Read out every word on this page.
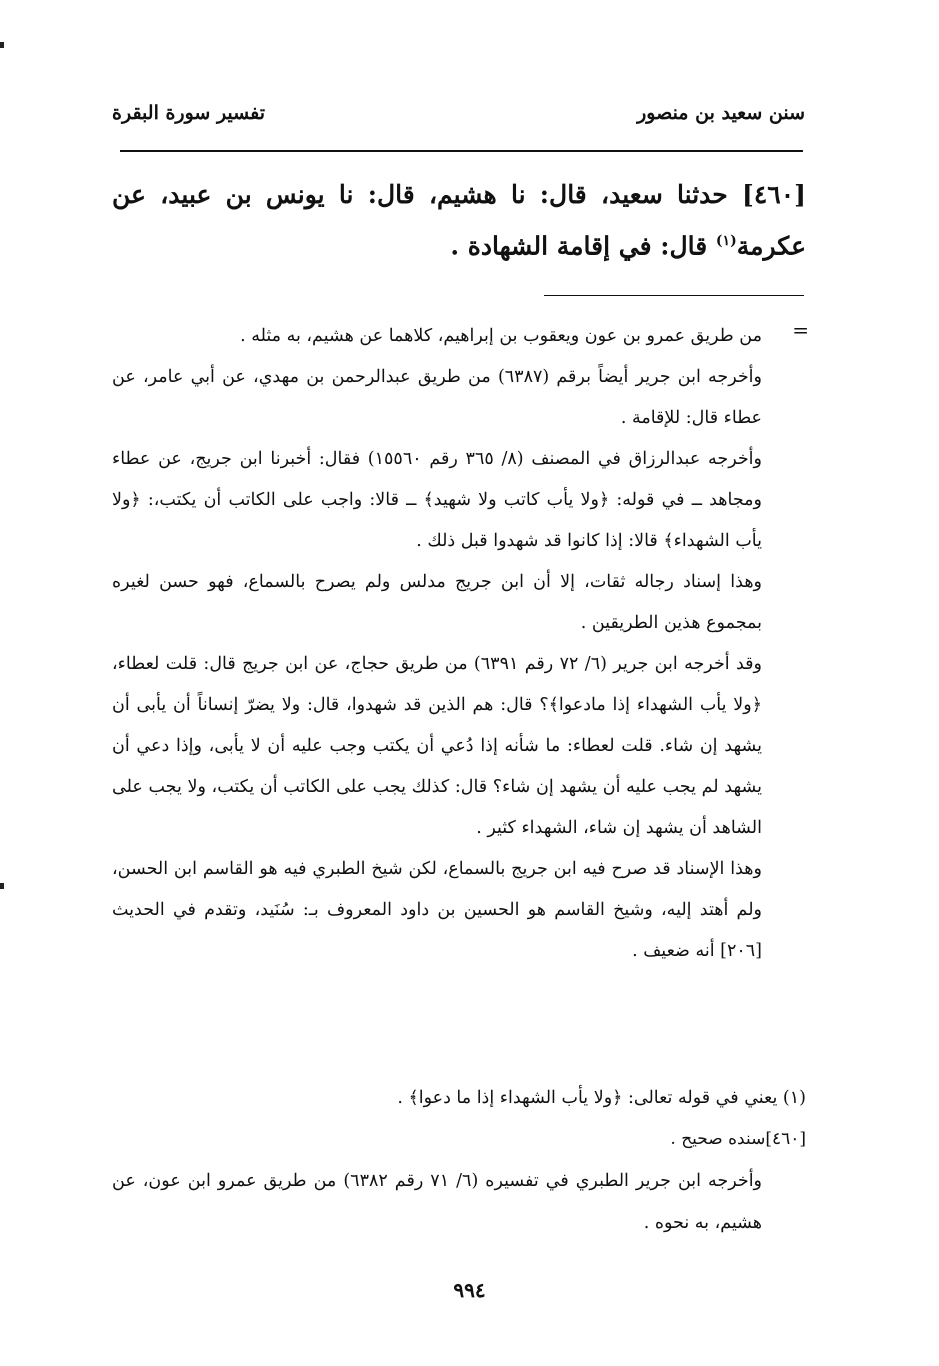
سنن سعيد بن منصور
تفسير سورة البقرة
[٤٦٠] حدثنا سعيد، قال: نا هشيم، قال: نا يونس بن عبيد، عن عكرمة$^{(١)}$ قال: في إقامة الشهادة .
=

من طريق عمرو بن عون ويعقوب بن إبراهيم، كلاهما عن هشيم، به مثله .

وأخرجه ابن جرير أيضاً برقم (٦٣٨٧) من طريق عبدالرحمن بن مهدي، عن أبي عامر، عن عطاء قال: للإقامة .

وأخرجه عبدالرزاق في المصنف (٨/ ٣٦٥ رقم ١٥٥٦٠) فقال: أخبرنا ابن جريج، عن عطاء ومجاهد ــ في قوله: ﴿ولا يأب كاتب ولا شهيد﴾ ــ قالا: واجب على الكاتب أن يكتب،: ﴿ولا يأب الشهداء﴾ قالا: إذا كانوا قد شهدوا قبل ذلك .

وهذا إسناد رجاله ثقات، إلا أن ابن جريج مدلس ولم يصرح بالسماع، فهو حسن لغيره بمجموع هذين الطريقين .

وقد أخرجه ابن جرير (٦/ ٧٢ رقم ٦٣٩١) من طريق حجاج، عن ابن جريج قال: قلت لعطاء، ﴿ولا يأب الشهداء إذا مادعوا﴾؟ قال: هم الذين قد شهدوا، قال: ولا يضرّ إنساناً أن يأبى أن يشهد إن شاء. قلت لعطاء: ما شأنه إذا دُعي أن يكتب وجب عليه أن لا يأبى، وإذا دعي أن يشهد لم يجب عليه أن يشهد إن شاء؟ قال: كذلك يجب على الكاتب أن يكتب، ولا يجب على الشاهد أن يشهد إن شاء، الشهداء كثير .

وهذا الإسناد قد صرح فيه ابن جريج بالسماع، لكن شيخ الطبري فيه هو القاسم ابن الحسن، ولم أهتد إليه، وشيخ القاسم هو الحسين بن داود المعروف بـ: سُنَيد، وتقدم في الحديث [٢٠٦] أنه ضعيف .

(١) يعني في قوله تعالى: ﴿ولا يأب الشهداء إذا ما دعوا﴾ .
[٤٦٠]سنده صحيح .

وأخرجه ابن جرير الطبري في تفسيره (٦/ ٧١ رقم ٦٣٨٢) من طريق عمرو ابن عون، عن هشيم، به نحوه .

٩٩٤
